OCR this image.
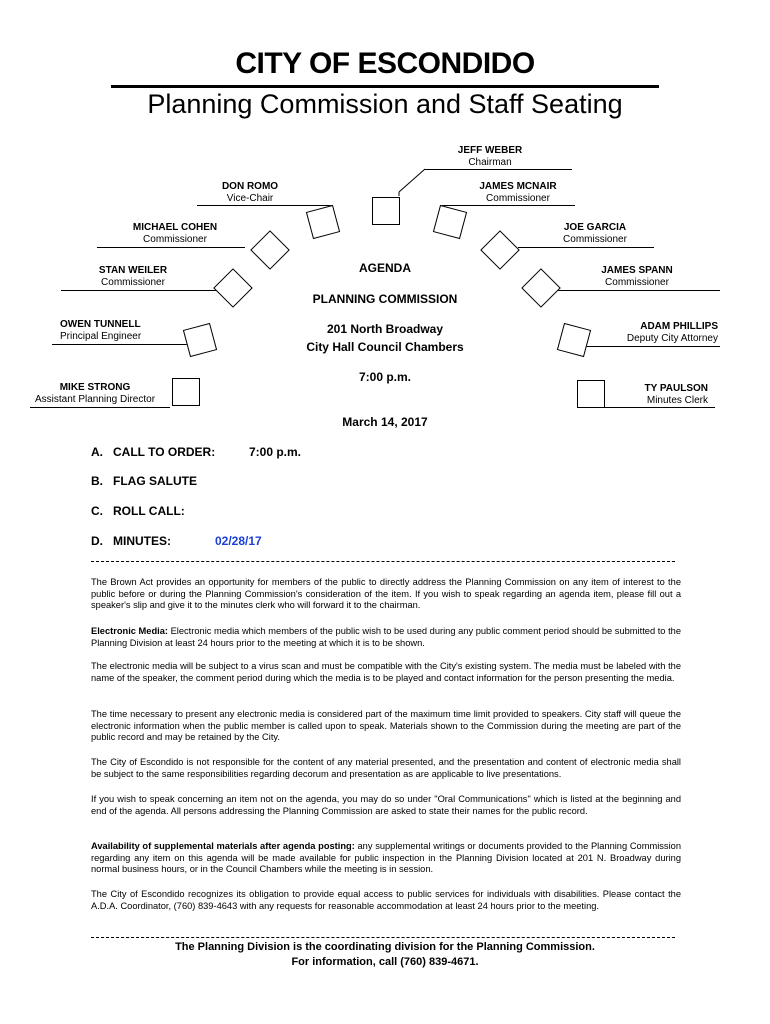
CITY OF ESCONDIDO
Planning Commission and Staff Seating
JEFF WEBER
Chairman
DON ROMO
Vice-Chair
JAMES MCNAIR
Commissioner
MICHAEL COHEN
Commissioner
JOE GARCIA
Commissioner
STAN WEILER
Commissioner
JAMES SPANN
Commissioner
OWEN TUNNELL
Principal Engineer
ADAM PHILLIPS
Deputy City Attorney
MIKE STRONG
Assistant Planning Director
TY PAULSON
Minutes Clerk
AGENDA
PLANNING COMMISSION
201 North Broadway
City Hall Council Chambers
7:00 p.m.
March 14, 2017
A. CALL TO ORDER:	7:00 p.m.
B. FLAG SALUTE
C. ROLL CALL:
D. MINUTES:	02/28/17
The Brown Act provides an opportunity for members of the public to directly address the Planning Commission on any item of interest to the public before or during the Planning Commission's consideration of the item. If you wish to speak regarding an agenda item, please fill out a speaker's slip and give it to the minutes clerk who will forward it to the chairman.
Electronic Media: Electronic media which members of the public wish to be used during any public comment period should be submitted to the Planning Division at least 24 hours prior to the meeting at which it is to be shown.
The electronic media will be subject to a virus scan and must be compatible with the City's existing system. The media must be labeled with the name of the speaker, the comment period during which the media is to be played and contact information for the person presenting the media.
The time necessary to present any electronic media is considered part of the maximum time limit provided to speakers. City staff will queue the electronic information when the public member is called upon to speak. Materials shown to the Commission during the meeting are part of the public record and may be retained by the City.
The City of Escondido is not responsible for the content of any material presented, and the presentation and content of electronic media shall be subject to the same responsibilities regarding decorum and presentation as are applicable to live presentations.
If you wish to speak concerning an item not on the agenda, you may do so under "Oral Communications" which is listed at the beginning and end of the agenda. All persons addressing the Planning Commission are asked to state their names for the public record.
Availability of supplemental materials after agenda posting: any supplemental writings or documents provided to the Planning Commission regarding any item on this agenda will be made available for public inspection in the Planning Division located at 201 N. Broadway during normal business hours, or in the Council Chambers while the meeting is in session.
The City of Escondido recognizes its obligation to provide equal access to public services for individuals with disabilities. Please contact the A.D.A. Coordinator, (760) 839-4643 with any requests for reasonable accommodation at least 24 hours prior to the meeting.
The Planning Division is the coordinating division for the Planning Commission.
For information, call (760) 839-4671.
